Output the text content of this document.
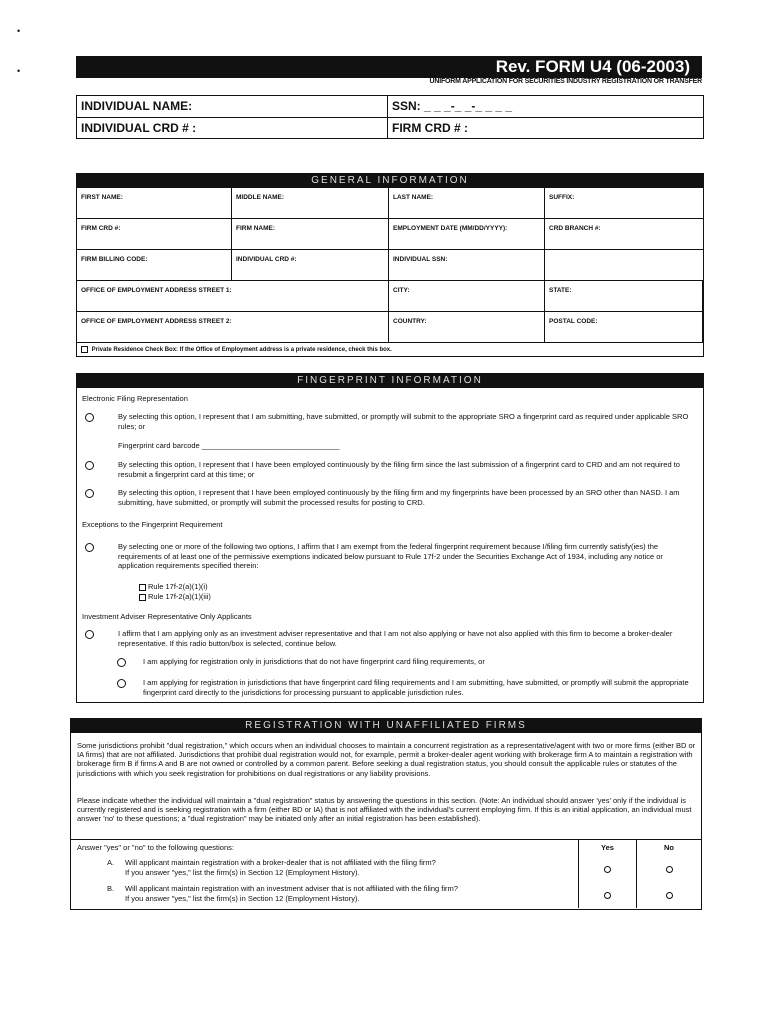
•
•	Rev. FORM U4 (06-2003)
UNIFORM APPLICATION FOR SECURITIES INDUSTRY REGISTRATION OR TRANSFER
INDIVIDUAL NAME:	SSN: _ _ _-_ _-_ _ _ _
INDIVIDUAL CRD # :	FIRM CRD # :
GENERAL INFORMATION
FIRST NAME:	MIDDLE NAME:	LAST NAME:	SUFFIX:
FIRM CRD #:	FIRM NAME:	EMPLOYMENT DATE (MM/DD/YYYY):	CRD BRANCH #:
FIRM BILLING CODE:	INDIVIDUAL CRD #:	INDIVIDUAL SSN:
OFFICE OF EMPLOYMENT ADDRESS STREET 1:	CITY:	STATE:
OFFICE OF EMPLOYMENT ADDRESS STREET 2:	COUNTRY:	POSTAL CODE:
Private Residence Check Box: If the Office of Employment address is a private residence, check this box.
FINGERPRINT INFORMATION
Electronic Filing Representation
By selecting this option, I represent that I am submitting, have submitted, or promptly will submit to the appropriate SRO a fingerprint card as required under applicable SRO rules; or
Fingerprint card barcode _________________________________
By selecting this option, I represent that I have been employed continuously by the filing firm since the last submission of a fingerprint card to CRD and am not required to resubmit a fingerprint card at this time; or
By selecting this option, I represent that I have been employed continuously by the filing firm and my fingerprints have been processed by an SRO other than NASD. I am submitting, have submitted, or promptly will submit the processed results for posting to CRD.
Exceptions to the Fingerprint Requirement
By selecting one or more of the following two options, I affirm that I am exempt from the federal fingerprint requirement because I/filing firm currently satisfy(ies) the requirements of at least one of the permissive exemptions indicated below pursuant to Rule 17f-2 under the Securities Exchange Act of 1934, including any notice or application requirements specified therein:
Rule 17f-2(a)(1)(i)
Rule 17f-2(a)(1)(iii)
Investment Adviser Representative Only Applicants
I affirm that I am applying only as an investment adviser representative and that I am not also applying or have not also applied with this firm to become a broker-dealer representative. If this radio button/box is selected, continue below.
I am applying for registration only in jurisdictions that do not have fingerprint card filing requirements, or
I am applying for registration in jurisdictions that have fingerprint card filing requirements and I am submitting, have submitted, or promptly will submit the appropriate fingerprint card directly to the jurisdictions for processing pursuant to applicable jurisdiction rules.
REGISTRATION WITH UNAFFILIATED FIRMS
Some jurisdictions prohibit "dual registration," which occurs when an individual chooses to maintain a concurrent registration as a representative/agent with two or more firms (either BD or IA firms) that are not affiliated. Jurisdictions that prohibit dual registration would not, for example, permit a broker-dealer agent working with brokerage firm A to maintain a registration with brokerage firm B if firms A and B are not owned or controlled by a common parent. Before seeking a dual registration status, you should consult the applicable rules or statutes of the jurisdictions with which you seek registration for prohibitions on dual registrations or any liability provisions.
Please indicate whether the individual will maintain a "dual registration" status by answering the questions in this section. (Note: An individual should answer 'yes' only if the individual is currently registered and is seeking registration with a firm (either BD or IA) that is not affiliated with the individual's current employing firm. If this is an initial application, an individual must answer 'no' to these questions; a "dual registration" may be initiated only after an initial registration has been established).
Answer "yes" or "no" to the following questions:	Yes	No
A.	Will applicant maintain registration with a broker-dealer that is not affiliated with the filing firm?
If you answer "yes," list the firm(s) in Section 12 (Employment History).
B.	Will applicant maintain registration with an investment adviser that is not affiliated with the filing firm?
If you answer "yes," list the firm(s) in Section 12 (Employment History).
